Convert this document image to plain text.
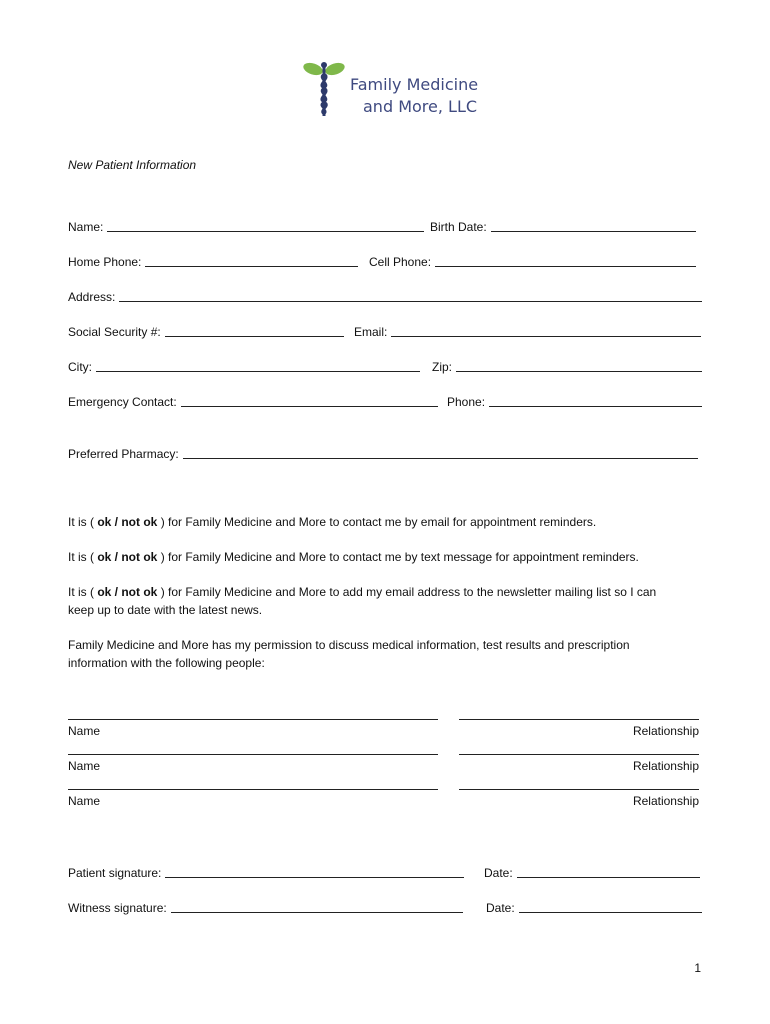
Family Medicine
and More, LLC
New Patient Information
Name:	Birth Date:
Home Phone:	Cell Phone:
Address:
Social Security #:	Email:
City:	Zip:
Emergency Contact:	Phone:
Preferred Pharmacy:
It is ( ok / not ok ) for Family Medicine and More to contact me by email for appointment reminders.
It is ( ok / not ok ) for Family Medicine and More to contact me by text message for appointment reminders.
It is ( ok / not ok ) for Family Medicine and More to add my email address to the newsletter mailing list so I can
keep up to date with the latest news.
Family Medicine and More has my permission to discuss medical information, test results and prescription
information with the following people:
Name	Relationship
Name	Relationship
Name	Relationship
Patient signature:	Date:
Witness signature:	Date:
1
